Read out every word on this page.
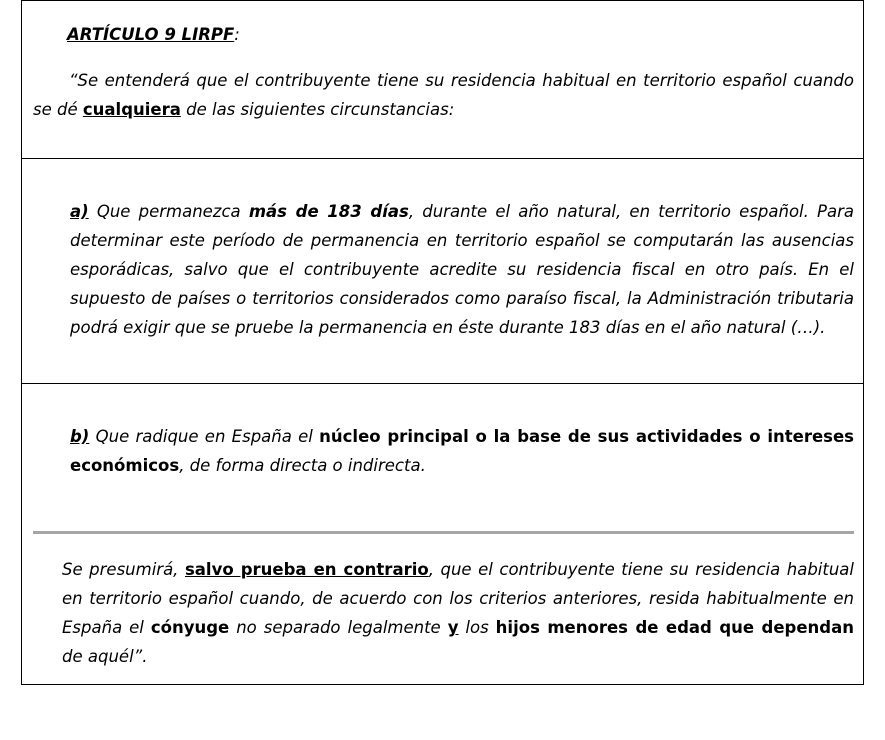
ARTÍCULO 9 LIRPF:
“Se entenderá que el contribuyente tiene su residencia habitual en territorio español cuando se dé cualquiera de las siguientes circunstancias:
a) Que permanezca más de 183 días, durante el año natural, en territorio español. Para determinar este período de permanencia en territorio español se computarán las ausencias esporádicas, salvo que el contribuyente acredite su residencia fiscal en otro país. En el supuesto de países o territorios considerados como paraíso fiscal, la Administración tributaria podrá exigir que se pruebe la permanencia en éste durante 183 días en el año natural (…).
b) Que radique en España el núcleo principal o la base de sus actividades o intereses económicos, de forma directa o indirecta.
Se presumirá, salvo prueba en contrario, que el contribuyente tiene su residencia habitual en territorio español cuando, de acuerdo con los criterios anteriores, resida habitualmente en España el cónyuge no separado legalmente y los hijos menores de edad que dependan de aquél”.
